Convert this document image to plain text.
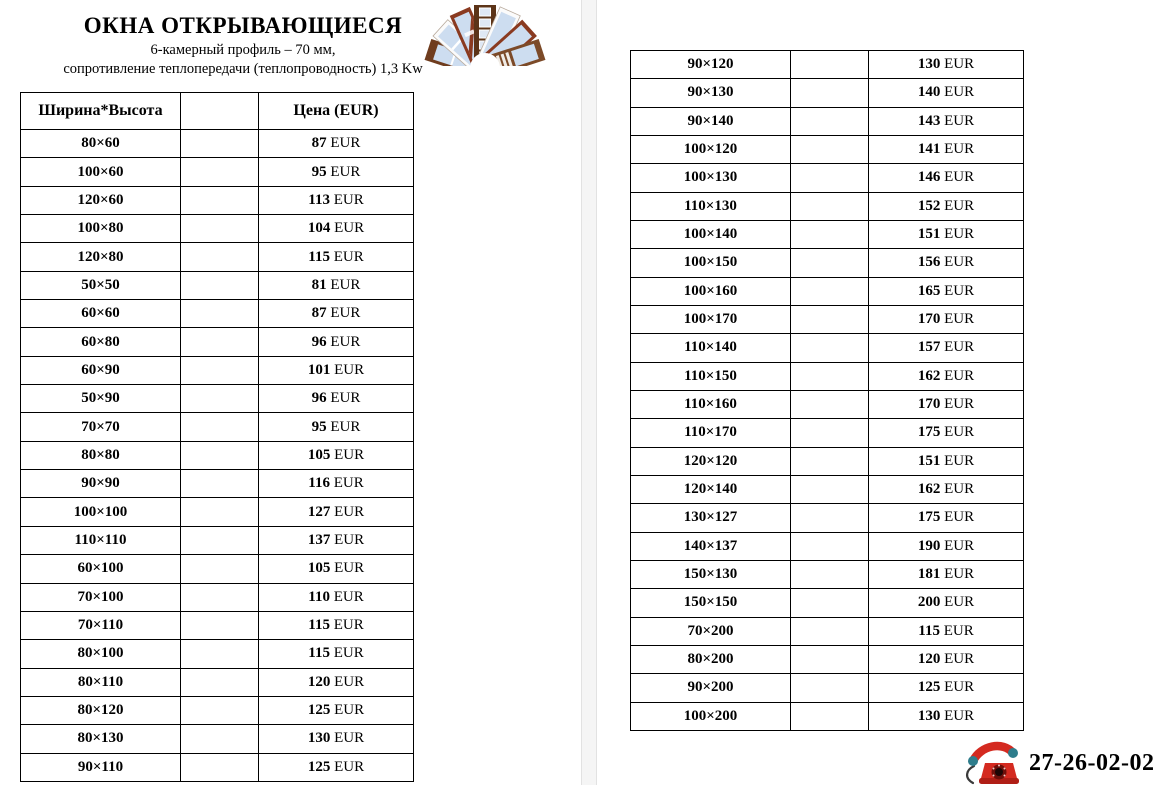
ОКНА ОТКРЫВАЮЩИЕСЯ
6-камерный профиль – 70 мм,
сопротивление теплопередачи (теплопроводность) 1,3 Kw
Ширина*Высота		Цена (EUR)
80×60		87 EUR
100×60		95 EUR
120×60		113 EUR
100×80		104 EUR
120×80		115 EUR
50×50		81 EUR
60×60		87 EUR
60×80		96 EUR
60×90		101 EUR
50×90		96 EUR
70×70		95 EUR
80×80		105 EUR
90×90		116 EUR
100×100		127 EUR
110×110		137 EUR
60×100		105 EUR
70×100		110 EUR
70×110		115 EUR
80×100		115 EUR
80×110		120 EUR
80×120		125 EUR
80×130		130 EUR
90×110		125 EUR
90×120		130 EUR
90×130		140 EUR
90×140		143 EUR
100×120		141 EUR
100×130		146 EUR
110×130		152 EUR
100×140		151 EUR
100×150		156 EUR
100×160		165 EUR
100×170		170 EUR
110×140		157 EUR
110×150		162 EUR
110×160		170 EUR
110×170		175 EUR
120×120		151 EUR
120×140		162 EUR
130×127		175 EUR
140×137		190 EUR
150×130		181 EUR
150×150		200 EUR
70×200		115 EUR
80×200		120 EUR
90×200		125 EUR
100×200		130 EUR
27-26-02-02
